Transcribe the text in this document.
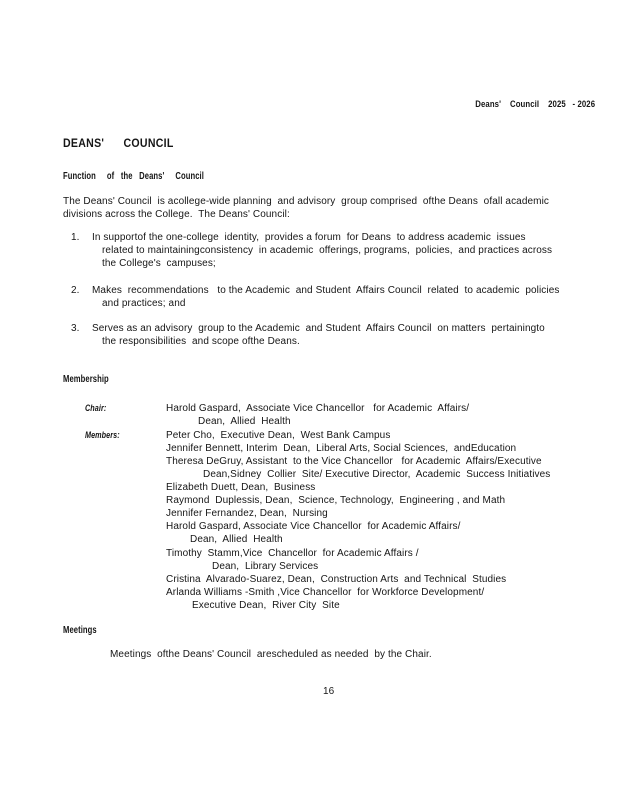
Deans'    Council    2025   - 2026
DEANS'      COUNCIL
Function     of   the   Deans'     Council
The Deans' Council  is acollege-wide planning  and advisory  group comprised  ofthe Deans  ofall academic
divisions across the College.  The Deans' Council:
1. In supportof the one-college  identity,  provides a forum  for Deans  to address academic  issues
related to maintainingconsistency  in academic  offerings, programs,  policies,  and practices across
the College's  campuses;
2. Makes  recommendations   to the Academic  and Student  Affairs Council  related  to academic  policies
and practices; and
3. Serves as an advisory  group to the Academic  and Student  Affairs Council  on matters  pertainingto
the responsibilities  and scope ofthe Deans.
Membership
Chair:	Harold Gaspard,  Associate Vice Chancellor   for Academic  Affairs/
Dean,  Allied  Health
Members:	Peter Cho,  Executive Dean,  West Bank Campus
Jennifer Bennett, Interim  Dean,  Liberal Arts, Social Sciences,  andEducation
Theresa DeGruy, Assistant  to the Vice Chancellor   for Academic  Affairs/Executive
Dean,Sidney  Collier  Site/ Executive Director,  Academic  Success Initiatives
Elizabeth Duett, Dean,  Business
Raymond  Duplessis, Dean,  Science, Technology,  Engineering , and Math
Jennifer Fernandez, Dean,  Nursing
Harold Gaspard, Associate Vice Chancellor  for Academic Affairs/
Dean,  Allied  Health
Timothy  Stamm,Vice  Chancellor  for Academic Affairs /
Dean,  Library Services
Cristina  Alvarado-Suarez, Dean,  Construction Arts  and Technical  Studies
Arlanda Williams -Smith ,Vice Chancellor  for Workforce Development/
Executive Dean,  River City  Site
Meetings
Meetings  ofthe Deans' Council  arescheduled as needed  by the Chair.
16
